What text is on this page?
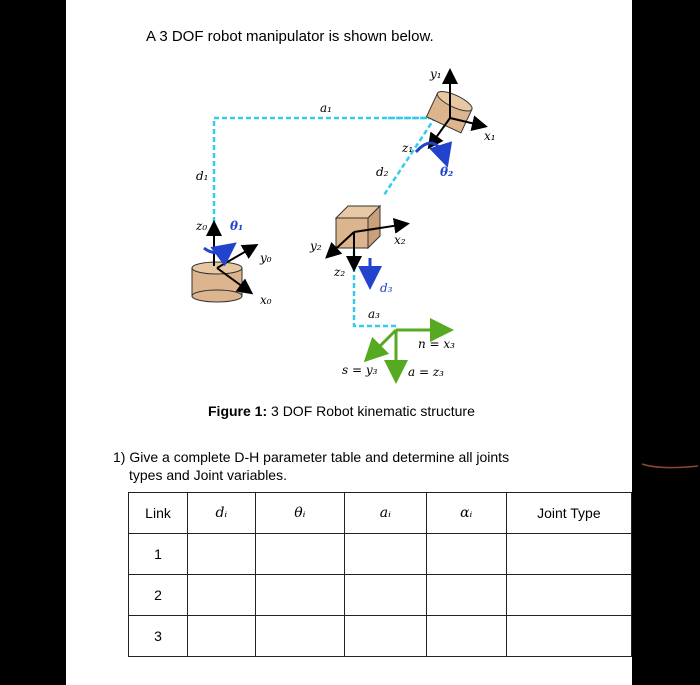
A 3 DOF robot manipulator is shown below.
y₁
x₁
a₁
z₁
θ₂
d₂
d₁
z₀ θ₁
y₀
x₀
y₂	x₂
z₂
d₃
a₃
n = x₃
s = y₃	a = z₃
Figure 1: 3 DOF Robot kinematic structure
1) Give a complete D-H parameter table and determine all joints
types and Joint variables.
Link	dᵢ	θᵢ	aᵢ	αᵢ	Joint Type
1					
2					
3					
